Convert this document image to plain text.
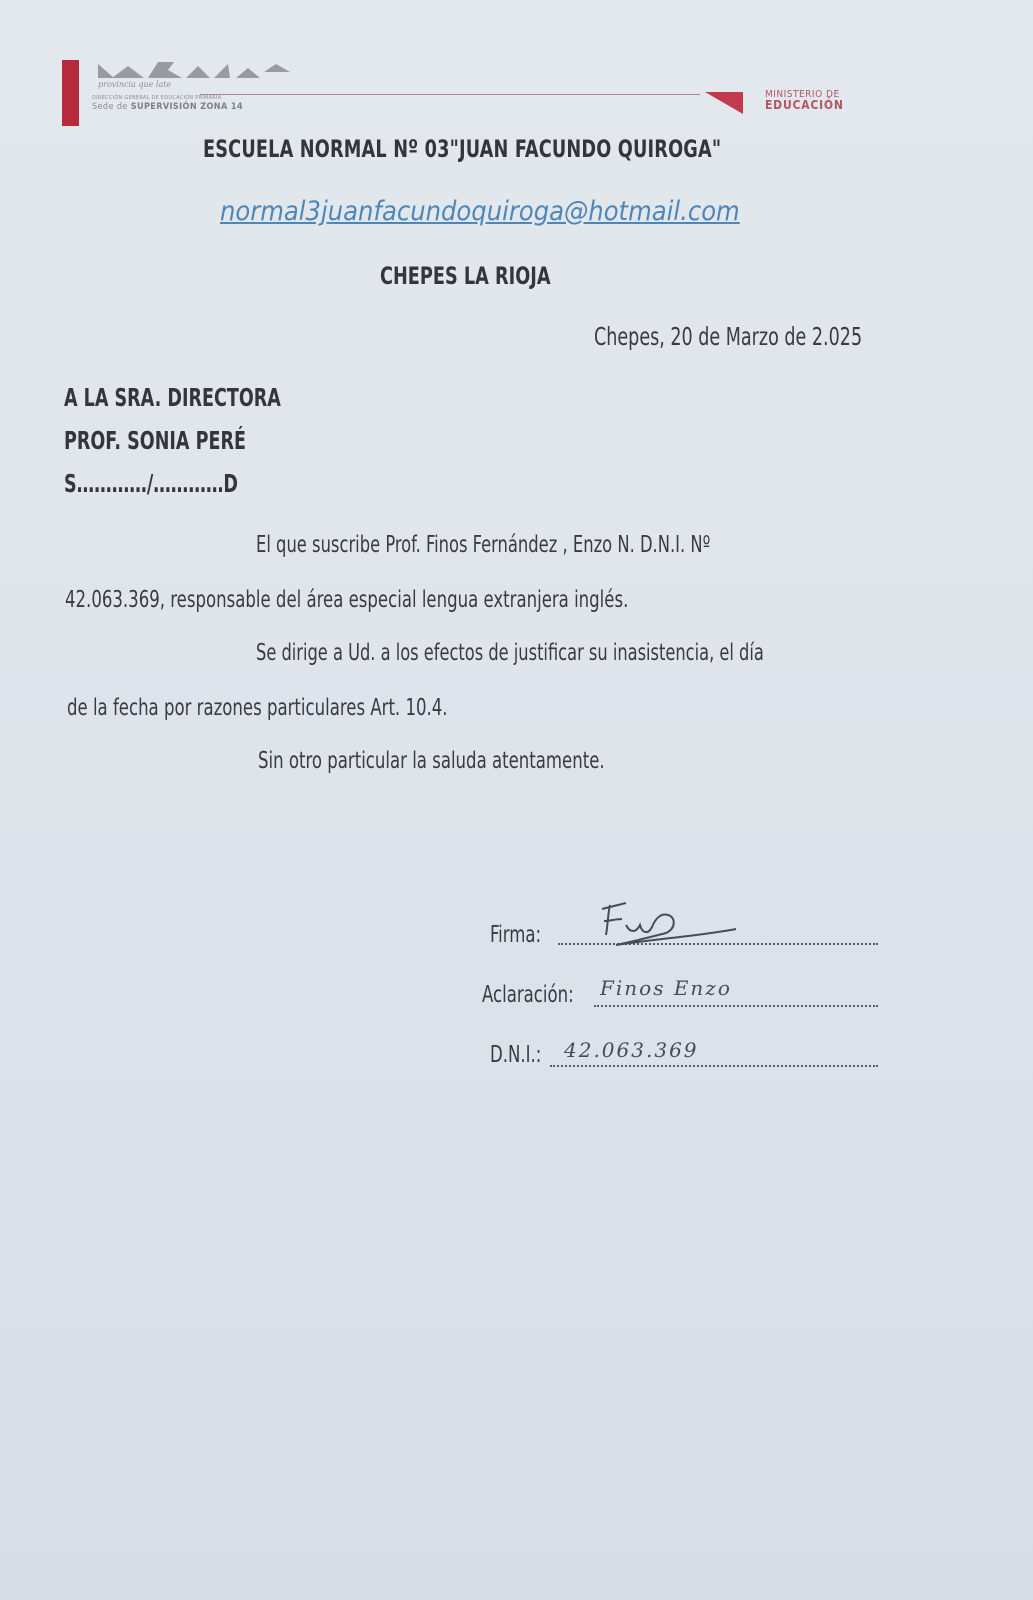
provincia que late
DIRECCIÓN GENERAL DE EDUCACIÓN PRIMARIA
Sede de SUPERVISIÓN ZONA 14
MINISTERIO DE
EDUCACIÓN
ESCUELA NORMAL Nº 03"JUAN FACUNDO QUIROGA"
normal3juanfacundoquiroga@hotmail.com
CHEPES LA RIOJA
Chepes, 20 de Marzo de 2.025
A LA SRA. DIRECTORA
PROF. SONIA PERÉ
S…………/…………D
El que suscribe Prof. Finos Fernández , Enzo N. D.N.I. Nº
42.063.369, responsable del área especial lengua extranjera inglés.
Se dirige a Ud. a los efectos de justificar su inasistencia, el día
de la fecha por razones particulares Art. 10.4.
Sin otro particular la saluda atentamente.
Firma:
Aclaración: Finos Enzo
D.N.I.: 42.063.369
